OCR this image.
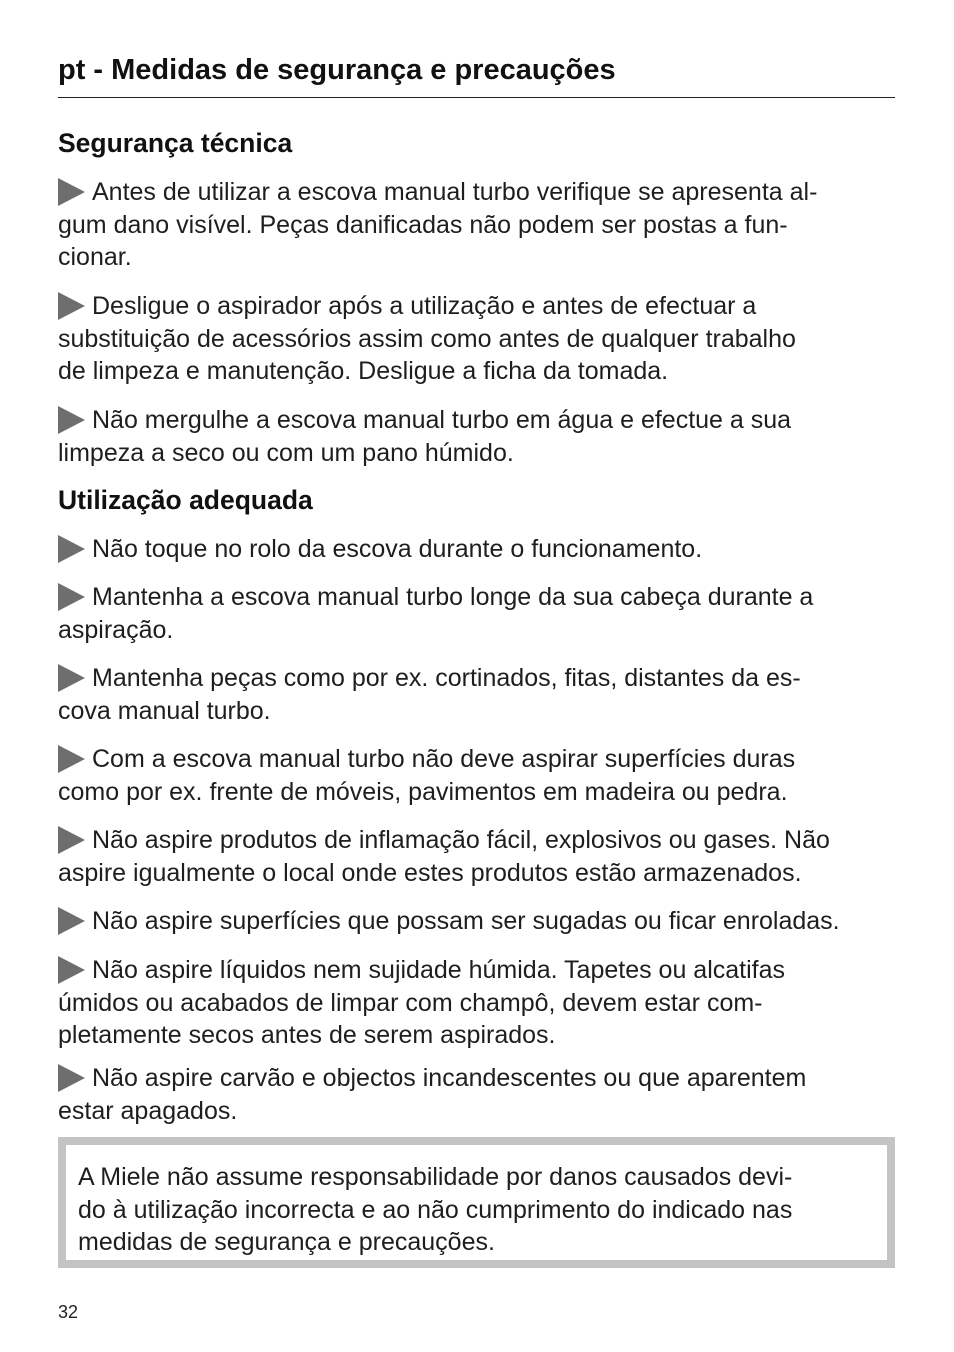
pt - Medidas de segurança e precauções
Segurança técnica
Antes de utilizar a escova manual turbo verifique se apresenta al-
gum dano visível. Peças danificadas não podem ser postas a fun-
cionar.
Desligue o aspirador após a utilização e antes de efectuar a
substituição de acessórios assim como antes de qualquer trabalho
de limpeza e manutenção. Desligue a ficha da tomada.
Não mergulhe a escova manual turbo em água e efectue a sua
limpeza a seco ou com um pano húmido.
Utilização adequada
Não toque no rolo da escova durante o funcionamento.
Mantenha a escova manual turbo longe da sua cabeça durante a
aspiração.
Mantenha peças como por ex. cortinados, fitas, distantes da es-
cova manual turbo.
Com a escova manual turbo não deve aspirar superfícies duras
como por ex. frente de móveis, pavimentos em madeira ou pedra.
Não aspire produtos de inflamação fácil, explosivos ou gases. Não
aspire igualmente o local onde estes produtos estão armazenados.
Não aspire superfícies que possam ser sugadas ou ficar enroladas.
Não aspire líquidos nem sujidade húmida. Tapetes ou alcatifas
úmidos ou acabados de limpar com champô, devem estar com-
pletamente secos antes de serem aspirados.
Não aspire carvão e objectos incandescentes ou que aparentem
estar apagados.
A Miele não assume responsabilidade por danos causados devi-
do à utilização incorrecta e ao não cumprimento do indicado nas
medidas de segurança e precauções.
32
